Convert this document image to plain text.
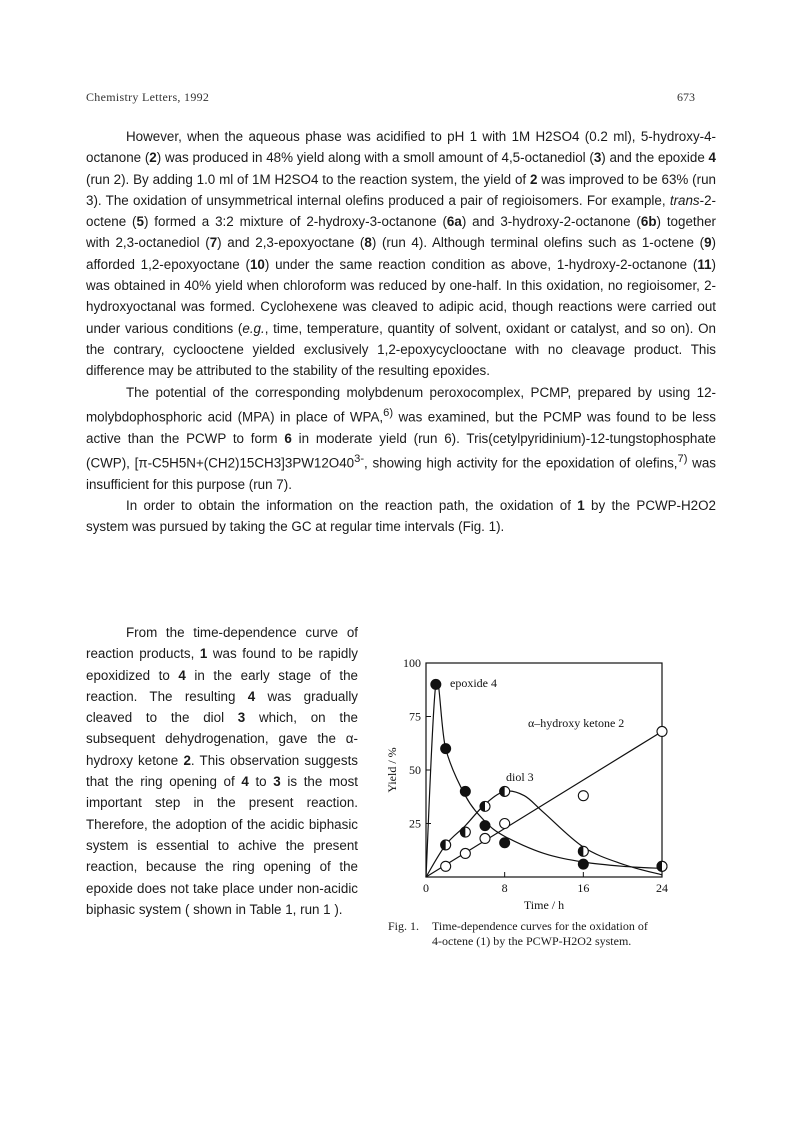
Chemistry Letters, 1992	673

However, when the aqueous phase was acidified to pH 1 with 1M H2SO4 (0.2 ml), 5-hydroxy-4-octanone (2) was produced in 48% yield along with a smoll amount of 4,5-octanediol (3) and the epoxide 4 (run 2). By adding 1.0 ml of 1M H2SO4 to the reaction system, the yield of 2 was improved to be 63% (run 3). The oxidation of unsymmetrical internal olefins produced a pair of regioisomers. For example, trans-2-octene (5) formed a 3:2 mixture of 2-hydroxy-3-octanone (6a) and 3-hydroxy-2-octanone (6b) together with 2,3-octanediol (7) and 2,3-epoxyoctane (8) (run 4). Although terminal olefins such as 1-octene (9) afforded 1,2-epoxyoctane (10) under the same reaction condition as above, 1-hydroxy-2-octanone (11) was obtained in 40% yield when chloroform was reduced by one-half. In this oxidation, no regioisomer, 2-hydroxyoctanal was formed. Cyclohexene was cleaved to adipic acid, though reactions were carried out under various conditions (e.g., time, temperature, quantity of solvent, oxidant or catalyst, and so on). On the contrary, cyclooctene yielded exclusively 1,2-epoxycyclooctane with no cleavage product. This difference may be attributed to the stability of the resulting epoxides.

The potential of the corresponding molybdenum peroxocomplex, PCMP, prepared by using 12-molybdophosphoric acid (MPA) in place of WPA,$^{6)}$ was examined, but the PCMP was found to be less active than the PCWP to form 6 in moderate yield (run 6). Tris(cetylpyridinium)-12-tungstophosphate (CWP), $[\pi-C5H5N+(CH2)15CH3]3PW12O40^{3-}$, showing high activity for the epoxidation of olefins,$^{7)}$ was insufficient for this purpose (run 7).

In order to obtain the information on the reaction path, the oxidation of 1 by the PCWP-H2O2 system was pursued by taking the GC at regular time intervals (Fig. 1).

From the time-dependence curve of reaction products, 1 was found to be rapidly epoxidized to 4 in the early stage of the reaction. The resulting 4 was gradually cleaved to the diol 3 which, on the subsequent dehydrogenation, gave the α-hydroxy ketone 2. This observation suggests that the ring opening of 4 to 3 is the most important step in the present reaction. Therefore, the adoption of the acidic biphasic system is essential to achive the present reaction, because the ring opening of the epoxide does not take place under non-acidic biphasic system ( shown in Table 1, run 1 ).

25
50
75
100
0	8	16	24
Time / h
Yield / %
epoxide 4
α–hydroxy ketone 2
diol 3
Fig. 1. Time-dependence curves for the oxidation of
4-octene (1) by the PCWP-H2O2 system.
